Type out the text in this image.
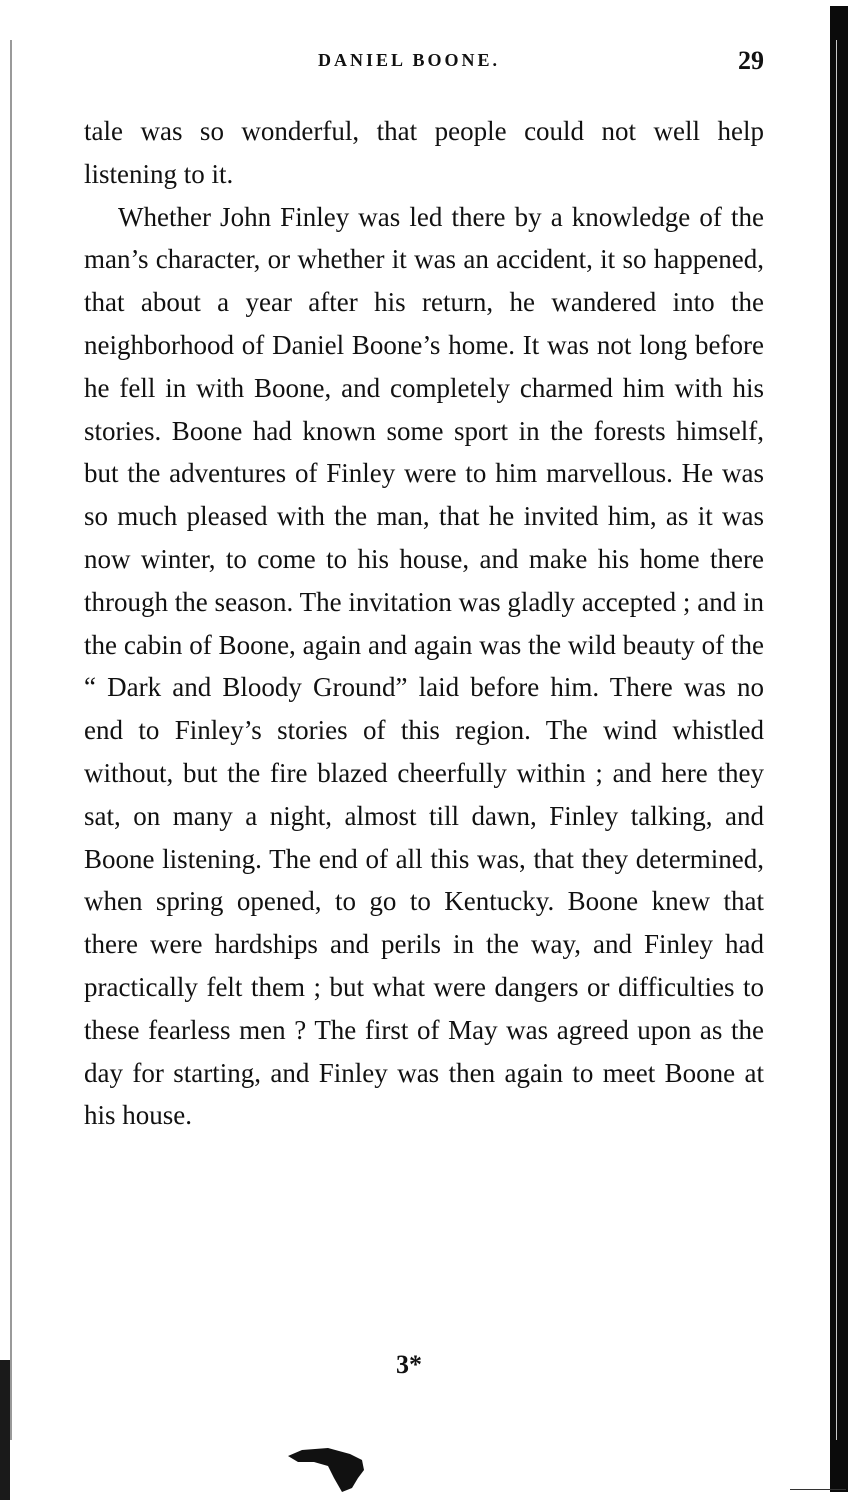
DANIEL BOONE.	29

tale was so wonderful, that people could not well help listening to it.

Whether John Finley was led there by a knowledge of the man’s character, or whether it was an accident, it so happened, that about a year after his return, he wandered into the neighborhood of Daniel Boone’s home. It was not long before he fell in with Boone, and completely charmed him with his stories. Boone had known some sport in the forests himself, but the adventures of Finley were to him marvellous. He was so much pleased with the man, that he invited him, as it was now winter, to come to his house, and make his home there through the season. The invitation was gladly accepted ; and in the cabin of Boone, again and again was the wild beauty of the “ Dark and Bloody Ground” laid before him. There was no end to Finley’s stories of this region. The wind whistled without, but the fire blazed cheerfully within ; and here they sat, on many a night, almost till dawn, Finley talking, and Boone listening. The end of all this was, that they determined, when spring opened, to go to Kentucky. Boone knew that there were hardships and perils in the way, and Finley had practically felt them ; but what were dangers or difficulties to these fearless men ? The first of May was agreed upon as the day for starting, and Finley was then again to meet Boone at his house.

3*
